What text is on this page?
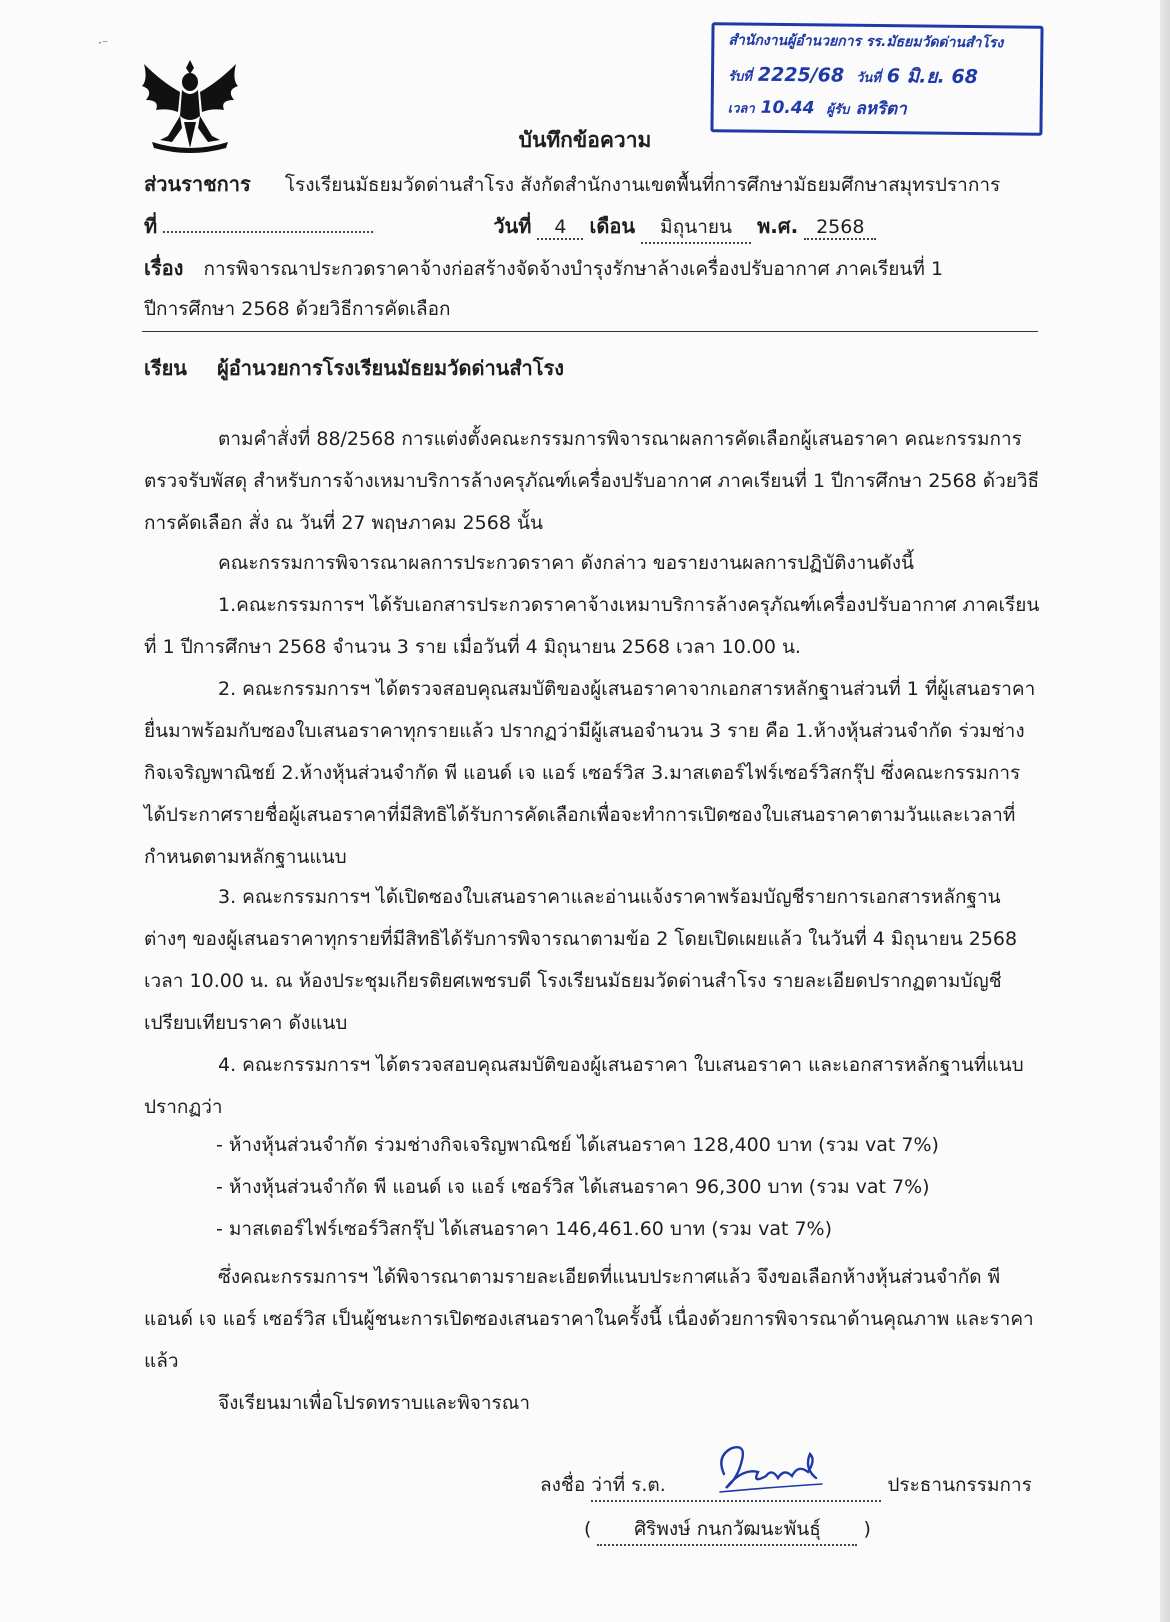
·⁻	สำนักงานผู้อำนวยการ รร.มัธยมวัดด่านสำโรง
รับที่ 2225/68 วันที่ 6 มิ.ย. 68
เวลา 10.44 ผู้รับ ลหริตา
บันทึกข้อความ
ส่วนราชการ โรงเรียนมัธยมวัดด่านสำโรง สังกัดสำนักงานเขตพื้นที่การศึกษามัธยมศึกษาสมุทรปราการ
ที่	วันที่ 4 เดือน มิถุนายน พ.ศ. 2568
เรื่อง การพิจารณาประกวดราคาจ้างก่อสร้างจัดจ้างบำรุงรักษาล้างเครื่องปรับอากาศ ภาคเรียนที่ 1
ปีการศึกษา 2568 ด้วยวิธีการคัดเลือก
เรียน ผู้อำนวยการโรงเรียนมัธยมวัดด่านสำโรง
ตามคำสั่งที่ 88/2568 การแต่งตั้งคณะกรรมการพิจารณาผลการคัดเลือกผู้เสนอราคา คณะกรรมการตรวจรับพัสดุ สำหรับการจ้างเหมาบริการล้างครุภัณฑ์เครื่องปรับอากาศ ภาคเรียนที่ 1 ปีการศึกษา 2568 ด้วยวิธีการคัดเลือก สั่ง ณ วันที่ 27 พฤษภาคม 2568 นั้น
คณะกรรมการพิจารณาผลการประกวดราคา ดังกล่าว ขอรายงานผลการปฏิบัติงานดังนี้
1.คณะกรรมการฯ ได้รับเอกสารประกวดราคาจ้างเหมาบริการล้างครุภัณฑ์เครื่องปรับอากาศ ภาคเรียนที่ 1 ปีการศึกษา 2568 จำนวน 3 ราย เมื่อวันที่ 4 มิถุนายน 2568 เวลา 10.00 น.
2. คณะกรรมการฯ ได้ตรวจสอบคุณสมบัติของผู้เสนอราคาจากเอกสารหลักฐานส่วนที่ 1 ที่ผู้เสนอราคายื่นมาพร้อมกับซองใบเสนอราคาทุกรายแล้ว ปรากฏว่ามีผู้เสนอจำนวน 3 ราย คือ 1.ห้างหุ้นส่วนจำกัด ร่วมช่างกิจเจริญพาณิชย์ 2.ห้างหุ้นส่วนจำกัด พี แอนด์ เจ แอร์ เซอร์วิส 3.มาสเตอร์ไฟร์เซอร์วิสกรุ๊ป ซึ่งคณะกรรมการได้ประกาศรายชื่อผู้เสนอราคาที่มีสิทธิได้รับการคัดเลือกเพื่อจะทำการเปิดซองใบเสนอราคาตามวันและเวลาที่กำหนดตามหลักฐานแนบ
3. คณะกรรมการฯ ได้เปิดซองใบเสนอราคาและอ่านแจ้งราคาพร้อมบัญชีรายการเอกสารหลักฐานต่างๆ ของผู้เสนอราคาทุกรายที่มีสิทธิได้รับการพิจารณาตามข้อ 2 โดยเปิดเผยแล้ว ในวันที่ 4 มิถุนายน 2568 เวลา 10.00 น. ณ ห้องประชุมเกียรติยศเพชรบดี โรงเรียนมัธยมวัดด่านสำโรง รายละเอียดปรากฏตามบัญชีเปรียบเทียบราคา ดังแนบ
4. คณะกรรมการฯ ได้ตรวจสอบคุณสมบัติของผู้เสนอราคา ใบเสนอราคา และเอกสารหลักฐานที่แนบปรากฏว่า
- ห้างหุ้นส่วนจำกัด ร่วมช่างกิจเจริญพาณิชย์ ได้เสนอราคา 128,400 บาท (รวม vat 7%)
- ห้างหุ้นส่วนจำกัด พี แอนด์ เจ แอร์ เซอร์วิส ได้เสนอราคา 96,300 บาท (รวม vat 7%)
- มาสเตอร์ไฟร์เซอร์วิสกรุ๊ป ได้เสนอราคา 146,461.60 บาท (รวม vat 7%)
ซึ่งคณะกรรมการฯ ได้พิจารณาตามรายละเอียดที่แนบประกาศแล้ว จึงขอเลือกห้างหุ้นส่วนจำกัด พี แอนด์ เจ แอร์ เซอร์วิส เป็นผู้ชนะการเปิดซองเสนอราคาในครั้งนี้ เนื่องด้วยการพิจารณาด้านคุณภาพ และราคาแล้ว
จึงเรียนมาเพื่อโปรดทราบและพิจารณา
ลงชื่อ ว่าที่ ร.ต.	ประธานกรรมการ
( ศิริพงษ์ กนกวัฒนะพันธุ์ )
